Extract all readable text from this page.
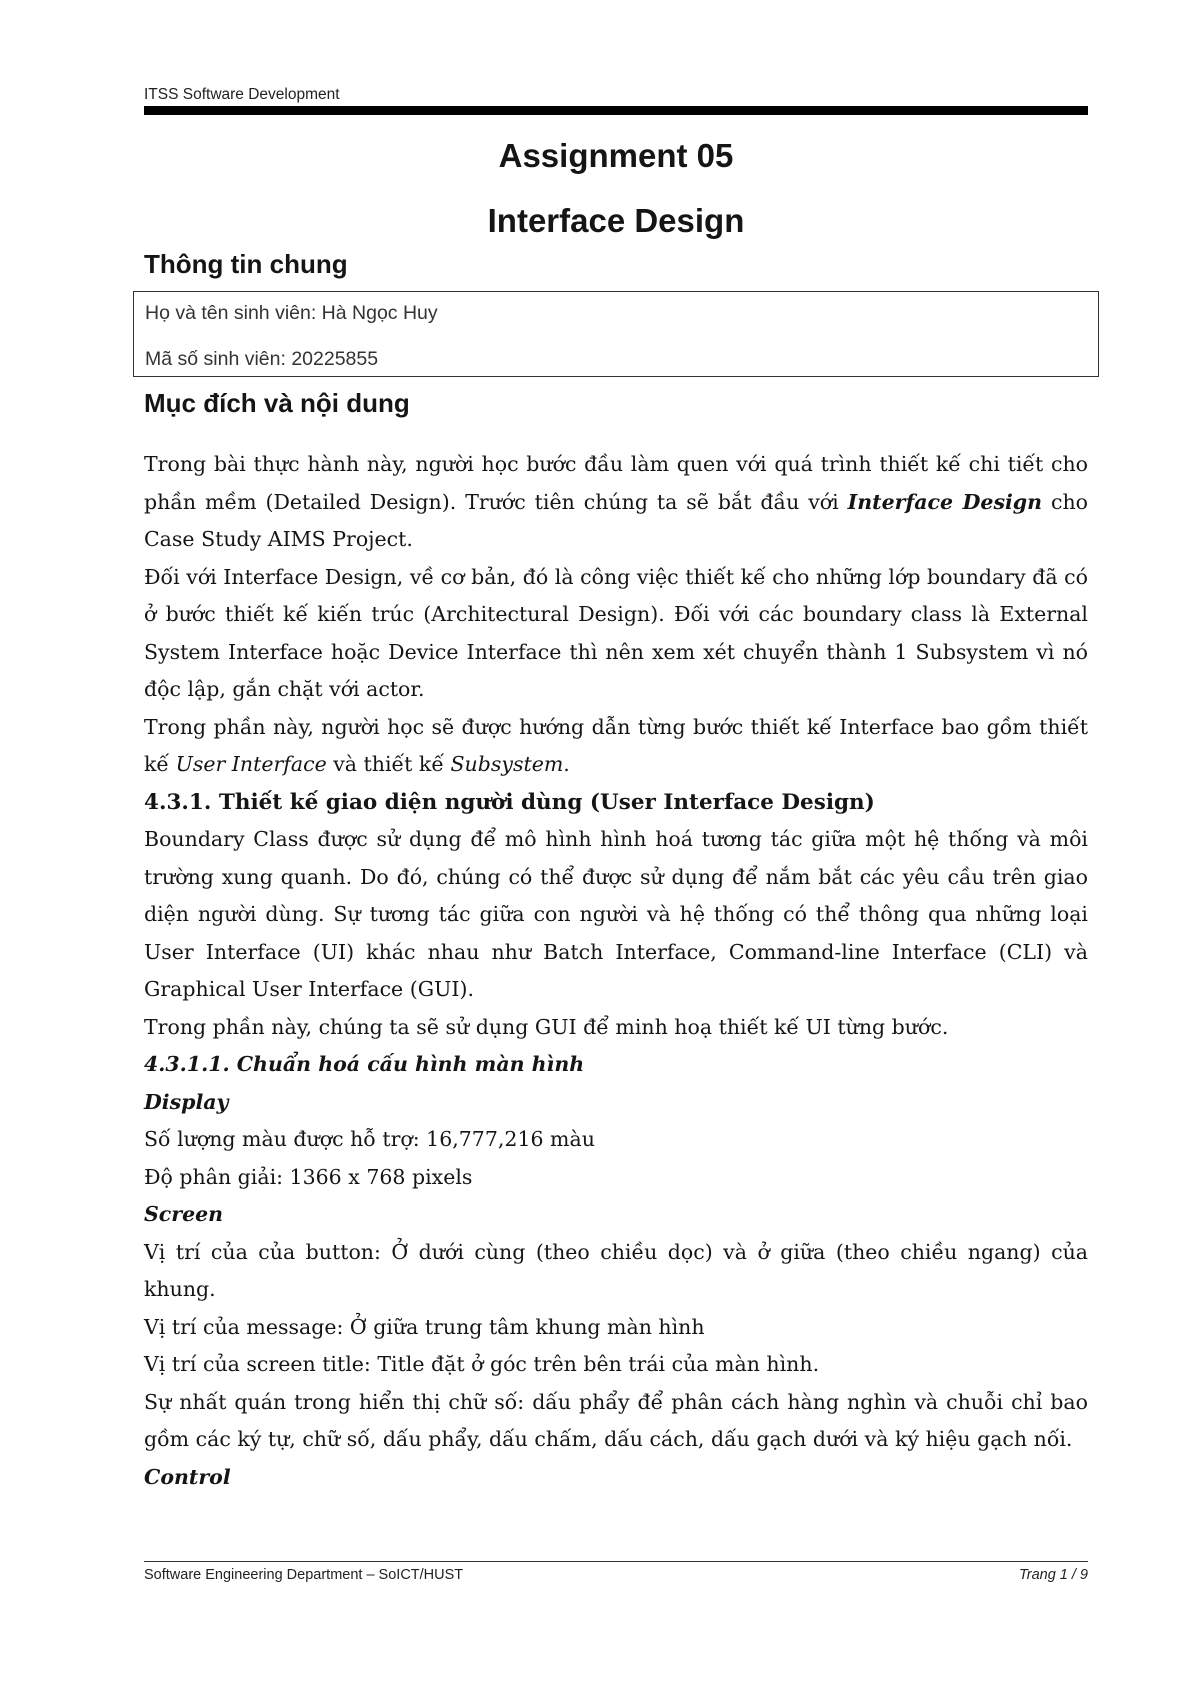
ITSS Software Development
Assignment 05
Interface Design
Thông tin chung
Họ và tên sinh viên: Hà Ngọc Huy
Mã số sinh viên: 20225855
Mục đích và nội dung

Trong bài thực hành này, người học bước đầu làm quen với quá trình thiết kế chi tiết cho phần mềm (Detailed Design). Trước tiên chúng ta sẽ bắt đầu với Interface Design cho Case Study AIMS Project.

Đối với Interface Design, về cơ bản, đó là công việc thiết kế cho những lớp boundary đã có ở bước thiết kế kiến trúc (Architectural Design). Đối với các boundary class là External System Interface hoặc Device Interface thì nên xem xét chuyển thành 1 Subsystem vì nó độc lập, gắn chặt với actor.

Trong phần này, người học sẽ được hướng dẫn từng bước thiết kế Interface bao gồm thiết kế User Interface và thiết kế Subsystem.

4.3.1. Thiết kế giao diện người dùng (User Interface Design)

Boundary Class được sử dụng để mô hình hình hoá tương tác giữa một hệ thống và môi trường xung quanh. Do đó, chúng có thể được sử dụng để nắm bắt các yêu cầu trên giao diện người dùng. Sự tương tác giữa con người và hệ thống có thể thông qua những loại User Interface (UI) khác nhau như Batch Interface, Command-line Interface (CLI) và Graphical User Interface (GUI).

Trong phần này, chúng ta sẽ sử dụng GUI để minh hoạ thiết kế UI từng bước.

4.3.1.1. Chuẩn hoá cấu hình màn hình

Display

Số lượng màu được hỗ trợ: 16,777,216 màu

Độ phân giải: 1366 x 768 pixels

Screen

Vị trí của của button: Ở dưới cùng (theo chiều dọc) và ở giữa (theo chiều ngang) của khung.

Vị trí của message: Ở giữa trung tâm khung màn hình

Vị trí của screen title: Title đặt ở góc trên bên trái của màn hình.

Sự nhất quán trong hiển thị chữ số: dấu phẩy để phân cách hàng nghìn và chuỗi chỉ bao gồm các ký tự, chữ số, dấu phẩy, dấu chấm, dấu cách, dấu gạch dưới và ký hiệu gạch nối.

Control

Software Engineering Department – SoICT/HUST	Trang 1 / 9
